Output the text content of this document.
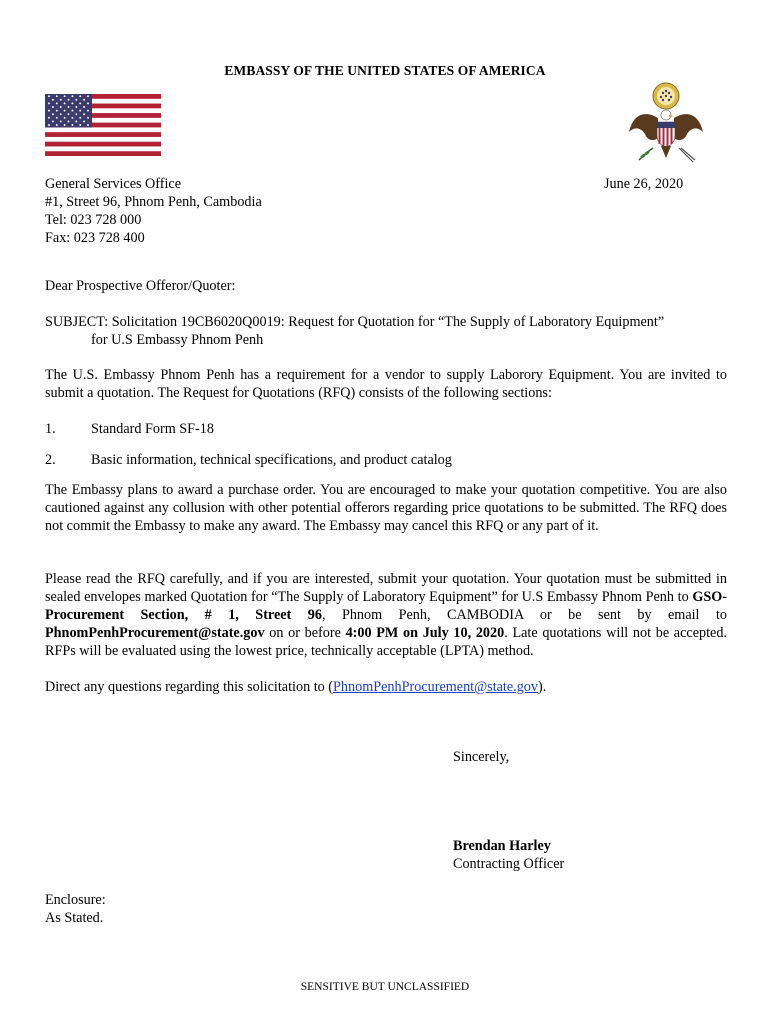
EMBASSY OF THE UNITED STATES OF AMERICA
General Services Office
#1, Street 96, Phnom Penh, Cambodia
Tel: 023 728 000
Fax: 023 728 400
June 26, 2020
Dear Prospective Offeror/Quoter:
SUBJECT: Solicitation 19CB6020Q0019: Request for Quotation for “The Supply of Laboratory Equipment”
for U.S Embassy Phnom Penh
The U.S. Embassy Phnom Penh has a requirement for a vendor to supply Laborory Equipment. You are invited to submit a quotation. The Request for Quotations (RFQ) consists of the following sections:
1. Standard Form SF-18
2. Basic information, technical specifications, and product catalog
The Embassy plans to award a purchase order. You are encouraged to make your quotation competitive. You are also cautioned against any collusion with other potential offerors regarding price quotations to be submitted. The RFQ does not commit the Embassy to make any award. The Embassy may cancel this RFQ or any part of it.
Please read the RFQ carefully, and if you are interested, submit your quotation. Your quotation must be submitted in sealed envelopes marked Quotation for “The Supply of Laboratory Equipment” for U.S Embassy Phnom Penh to GSO-Procurement Section, # 1, Street 96, Phnom Penh, CAMBODIA or be sent by email to PhnomPenhProcurement@state.gov on or before 4:00 PM on July 10, 2020. Late quotations will not be accepted. RFPs will be evaluated using the lowest price, technically acceptable (LPTA) method.
Direct any questions regarding this solicitation to (PhnomPenhProcurement@state.gov).
Sincerely,
Brendan Harley
Contracting Officer
Enclosure:
As Stated.
SENSITIVE BUT UNCLASSIFIED
